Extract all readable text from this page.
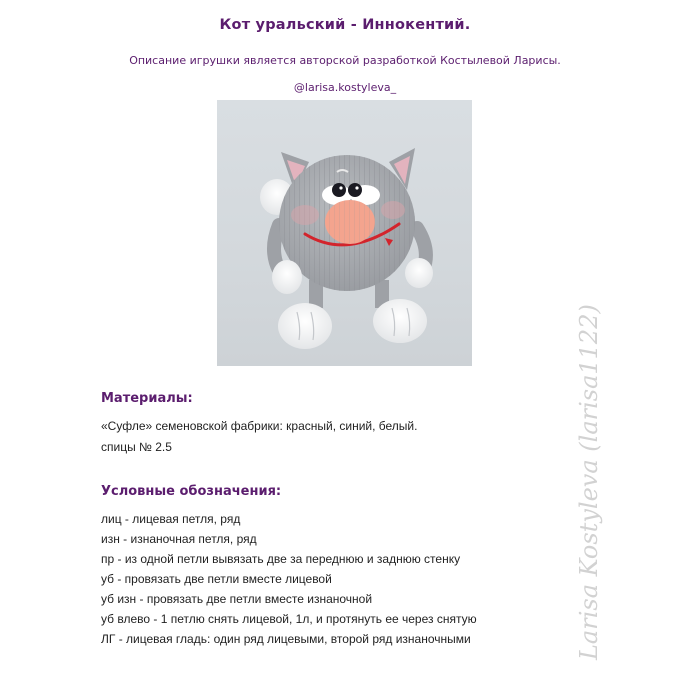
Кот уральский - Иннокентий.
Описание игрушки является авторской разработкой Костылевой Ларисы.
@larisa.kostyleva_
Материалы:
«Суфле» семеновской фабрики: красный, синий, белый.
спицы № 2.5
Условные обозначения:
лиц - лицевая петля, ряд
изн - изнаночная петля, ряд
пр - из одной петли вывязать две за переднюю и заднюю стенку
уб - провязать две петли вместе лицевой
уб изн - провязать две петли вместе изнаночной
уб влево - 1 петлю снять лицевой, 1л, и протянуть ее через снятую
ЛГ - лицевая гладь: один ряд лицевыми, второй ряд изнаночными	Larisa Kostyleva (larisa1122)
